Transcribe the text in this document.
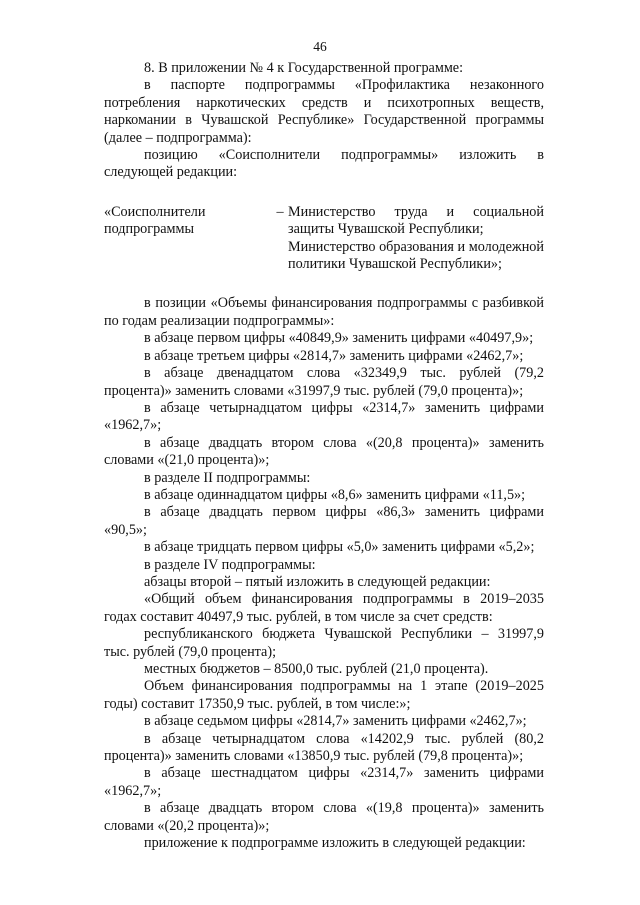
46

8. В приложении № 4 к Государственной программе:

в паспорте подпрограммы «Профилактика незаконного потребления наркотических средств и психотропных веществ, наркомании в Чувашской Республике» Государственной программы (далее – подпрограмма):

позицию «Соисполнители подпрограммы» изложить в следующей редакции:

«Соисполнители подпрограммы
– Министерство труда и социальной защиты Чувашской Республики;

Министерство образования и молодежной политики Чувашской Республики»;

в позиции «Объемы финансирования подпрограммы с разбивкой по годам реализации подпрограммы»:

в абзаце первом цифры «40849,9» заменить цифрами «40497,9»;

в абзаце третьем цифры «2814,7» заменить цифрами «2462,7»;

в абзаце двенадцатом слова «32349,9 тыс. рублей (79,2 процента)» заменить словами «31997,9 тыс. рублей (79,0 процента)»;

в абзаце четырнадцатом цифры «2314,7» заменить цифрами «1962,7»;

в абзаце двадцать втором слова «(20,8 процента)» заменить словами «(21,0 процента)»;

в разделе II подпрограммы:

в абзаце одиннадцатом цифры «8,6» заменить цифрами «11,5»;

в абзаце двадцать первом цифры «86,3» заменить цифрами «90,5»;

в абзаце тридцать первом цифры «5,0» заменить цифрами «5,2»;

в разделе IV подпрограммы:

абзацы второй – пятый изложить в следующей редакции:

«Общий объем финансирования подпрограммы в 2019–2035 годах составит 40497,9 тыс. рублей, в том числе за счет средств:

республиканского бюджета Чувашской Республики – 31997,9 тыс. рублей (79,0 процента);

местных бюджетов – 8500,0 тыс. рублей (21,0 процента).

Объем финансирования подпрограммы на 1 этапе (2019–2025 годы) составит 17350,9 тыс. рублей, в том числе:»;

в абзаце седьмом цифры «2814,7» заменить цифрами «2462,7»;

в абзаце четырнадцатом слова «14202,9 тыс. рублей (80,2 процента)» заменить словами «13850,9 тыс. рублей (79,8 процента)»;

в абзаце шестнадцатом цифры «2314,7» заменить цифрами «1962,7»;

в абзаце двадцать втором слова «(19,8 процента)» заменить словами «(20,2 процента)»;

приложение к подпрограмме изложить в следующей редакции:
